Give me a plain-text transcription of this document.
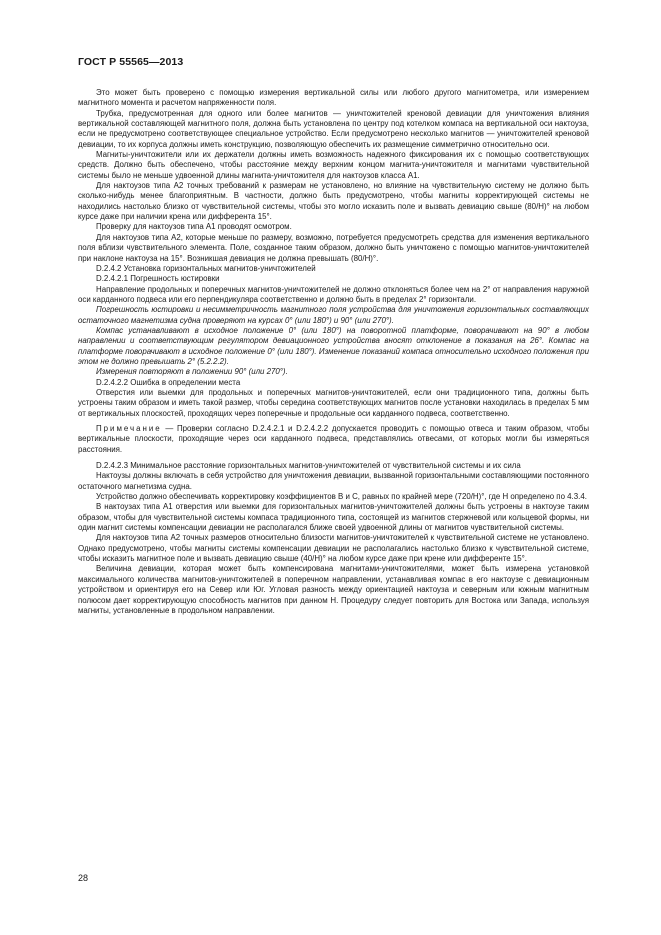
ГОСТ Р 55565—2013

Это может быть проверено с помощью измерения вертикальной силы или любого другого магнитометра, или измерением магнитного момента и расчетом напряженности поля.

Трубка, предусмотренная для одного или более магнитов — уничтожителей креновой девиации для уничтожения влияния вертикальной составляющей магнитного поля, должна быть установлена по центру под котелком компаса на вертикальной оси нактоуза, если не предусмотрено соответствующее специальное устройство. Если предусмотрено несколько магнитов — уничтожителей креновой девиации, то их корпуса должны иметь конструкцию, позволяющую обеспечить их размещение симметрично относительно оси.

Магниты-уничтожители или их держатели должны иметь возможность надежного фиксирования их с помощью соответствующих средств. Должно быть обеспечено, чтобы расстояние между верхним концом магнита-уничтожителя и магнитами чувствительной системы было не меньше удвоенной длины магнита-уничтожителя для нактоузов класса А1.

Для нактоузов типа А2 точных требований к размерам не установлено, но влияние на чувствительную систему не должно быть сколько-нибудь менее благоприятным. В частности, должно быть предусмотрено, чтобы магниты корректирующей системы не находились настолько близко от чувствительной системы, чтобы это могло исказить поле и вызвать девиацию свыше (80/H)° на любом курсе даже при наличии крена или дифферента 15°.

Проверку для нактоузов типа А1 проводят осмотром.

Для нактоузов типа А2, которые меньше по размеру, возможно, потребуется предусмотреть средства для изменения вертикального поля вблизи чувствительного элемента. Поле, созданное таким образом, должно быть уничтожено с помощью магнитов-уничтожителей при наклоне нактоуза на 15°. Возникшая девиация не должна превышать (80/H)°.

D.2.4.2 Установка горизонтальных магнитов-уничтожителей

D.2.4.2.1 Погрешность юстировки

Направление продольных и поперечных магнитов-уничтожителей не должно отклоняться более чем на 2° от направления наружной оси карданного подвеса или его перпендикуляра соответственно и должно быть в пределах 2° горизонтали.

Погрешность юстировки и несимметричность магнитного поля устройства для уничтожения горизонтальных составляющих остаточного магнетизма судна проверяют на курсах 0° (или 180°) и 90° (или 270°).

Компас устанавливают в исходное положение 0° (или 180°) на поворотной платформе, поворачивают на 90° в любом направлении и соответствующим регулятором девиационного устройства вносят отклонение в показания на 26°. Компас на платформе поворачивают в исходное положение 0° (или 180°). Изменение показаний компаса относительно исходного положения при этом не должно превышать 2° (5.2.2.2).

Измерения повторяют в положении 90° (или 270°).

D.2.4.2.2 Ошибка в определении места

Отверстия или выемки для продольных и поперечных магнитов-уничтожителей, если они традиционного типа, должны быть устроены таким образом и иметь такой размер, чтобы середина соответствующих магнитов после установки находилась в пределах 5 мм от вертикальных плоскостей, проходящих через поперечные и продольные оси карданного подвеса, соответственно.

Примечание — Проверки согласно D.2.4.2.1 и D.2.4.2.2 допускается проводить с помощью отвеса и таким образом, чтобы вертикальные плоскости, проходящие через оси карданного подвеса, представлялись отвесами, от которых могли бы измеряться расстояния.

D.2.4.2.3 Минимальное расстояние горизонтальных магнитов-уничтожителей от чувствительной системы и их сила

Нактоузы должны включать в себя устройство для уничтожения девиации, вызванной горизонтальными составляющими постоянного остаточного магнетизма судна.

Устройство должно обеспечивать корректировку коэффициентов B и C, равных по крайней мере (720/H)°, где H определено по 4.3.4.

В нактоузах типа А1 отверстия или выемки для горизонтальных магнитов-уничтожителей должны быть устроены в нактоузе таким образом, чтобы для чувствительной системы компаса традиционного типа, состоящей из магнитов стержневой или кольцевой формы, ни один магнит системы компенсации девиации не располагался ближе своей удвоенной длины от магнитов чувствительной системы.

Для нактоузов типа А2 точных размеров относительно близости магнитов-уничтожителей к чувствительной системе не установлено. Однако предусмотрено, чтобы магниты системы компенсации девиации не располагались настолько близко к чувствительной системе, чтобы исказить магнитное поле и вызвать девиацию свыше (40/H)° на любом курсе даже при крене или дифференте 15°.

Величина девиации, которая может быть компенсирована магнитами-уничтожителями, может быть измерена установкой максимального количества магнитов-уничтожителей в поперечном направлении, устанавливая компас в его нактоузе с девиационным устройством и ориентируя его на Север или Юг. Угловая разность между ориентацией нактоуза и северным или южным магнитным полюсом дает корректирующую способность магнитов при данном H. Процедуру следует повторить для Востока или Запада, используя магниты, установленные в продольном направлении.

28
